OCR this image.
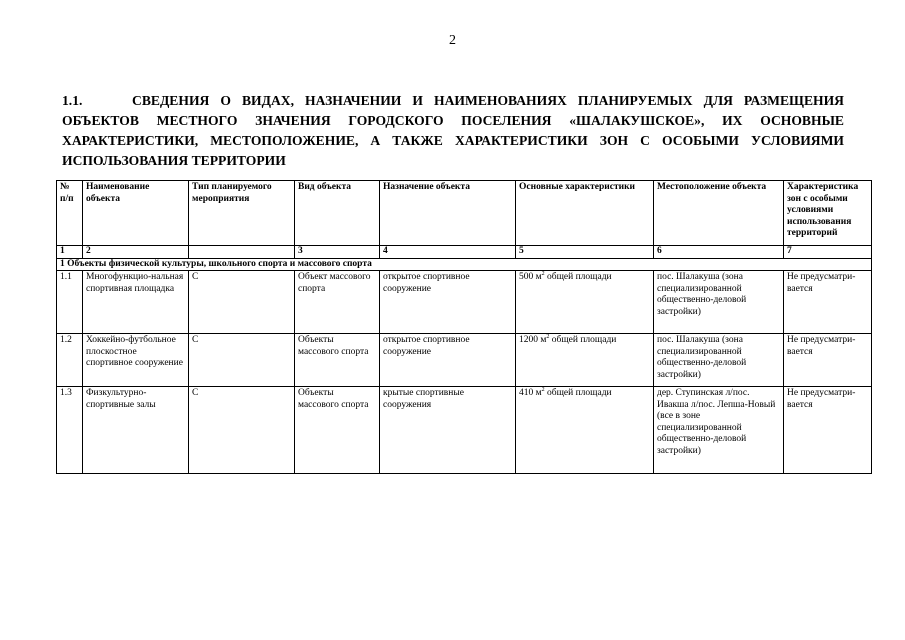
2
1.1.	СВЕДЕНИЯ О ВИДАХ, НАЗНАЧЕНИИ И НАИМЕНОВАНИЯХ ПЛАНИРУЕМЫХ ДЛЯ РАЗМЕЩЕНИЯ ОБЪЕКТОВ МЕСТНОГО ЗНАЧЕНИЯ ГОРОДСКОГО ПОСЕЛЕНИЯ «ШАЛАКУШСКОЕ», ИХ ОСНОВНЫЕ ХАРАКТЕРИСТИКИ, МЕСТОПОЛОЖЕНИЕ, А ТАКЖЕ ХАРАКТЕРИСТИКИ ЗОН С ОСОБЫМИ УСЛОВИЯМИ ИСПОЛЬЗОВАНИЯ ТЕРРИТОРИИ
№ п/п	Наименование объекта	Тип планируемого мероприятия	Вид объекта	Назначение объекта	Основные характеристики	Местоположение объекта	Характеристика зон с особыми условиями использования территорий
1	2		3	4	5	6	7
1 Объекты физической культуры, школьного спорта и массового спорта							
1.1	Многофункцио-нальная спортивная площадка	С	Объект массового спорта	открытое спортивное сооружение	500 $м^2$ общей площади	пос. Шалакуша (зона специализированной общественно-деловой застройки)	Не предусматри-вается
1.2	Хоккейно-футбольное плоскостное спортивное сооружение	С	Объекты массового спорта	открытое спортивное сооружение	1200 $м^2$ общей площади	пос. Шалакуша (зона специализированной общественно-деловой застройки)	Не предусматри-вается
1.3	Физкультурно-спортивные залы	С	Объекты массового спорта	крытые спортивные сооружения	410 $м^2$ общей площади	дер. Ступинская л/пос. Ивакша л/пос. Лепша-Новый (все в зоне специализированной общественно-деловой застройки)	Не предусматри-вается
